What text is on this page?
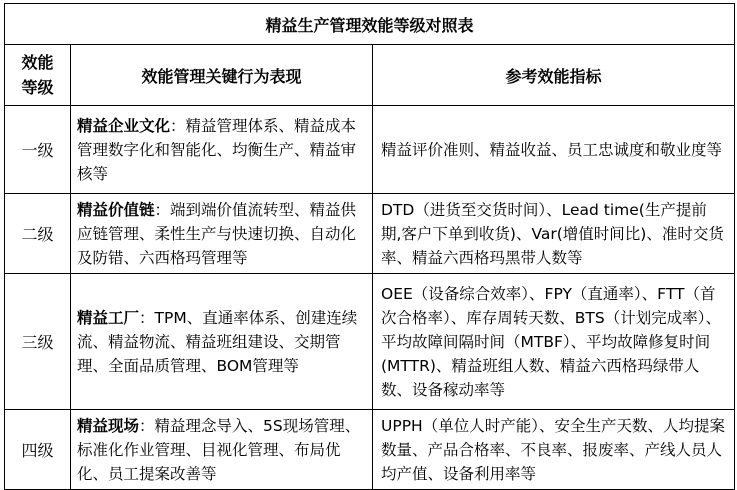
精益生产管理效能等级对照表		
效能
等级	效能管理关键行为表现	参考效能指标
一级	精益企业文化：精益管理体系、精益成本管理数字化和智能化、均衡生产、精益审核等	精益评价准则、精益收益、员工忠诚度和敬业度等
二级	精益价值链：端到端价值流转型、精益供应链管理、柔性生产与快速切换、自动化及防错、六西格玛管理等	DTD（进货至交货时间）、Lead time(生产提前期,客户下单到收货)、Var(增值时间比)、准时交货率、精益六西格玛黑带人数等
三级	精益工厂：TPM、直通率体系、创建连续流、精益物流、精益班组建设、交期管理、全面品质管理、BOM管理等	OEE（设备综合效率）、FPY（直通率）、FTT（首次合格率）、库存周转天数、BTS（计划完成率）、平均故障间隔时间（MTBF）、平均故障修复时间(MTTR)、精益班组人数、精益六西格玛绿带人数、设备稼动率等
四级	精益现场：精益理念导入、5S现场管理、标准化作业管理、目视化管理、布局优化、员工提案改善等	UPPH（单位人时产能）、安全生产天数、人均提案数量、产品合格率、不良率、报废率、产线人员人均产值、设备利用率等
